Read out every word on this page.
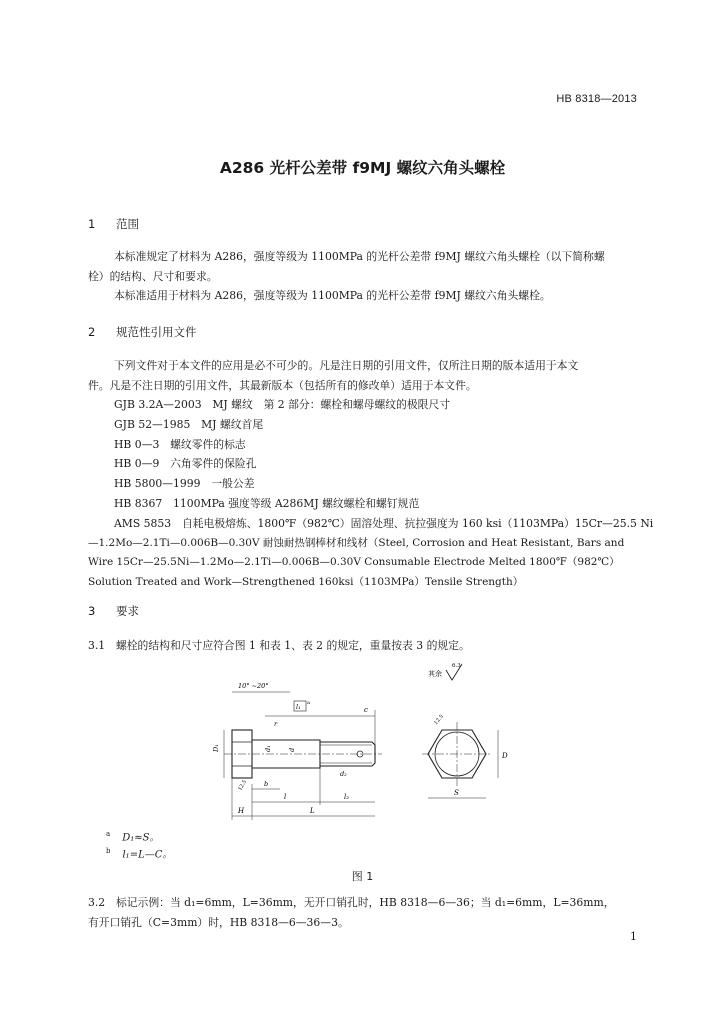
HB 8318—2013
A286 光杆公差带 f9MJ 螺纹六角头螺栓
1 范围
本标准规定了材料为 A286，强度等级为 1100MPa 的光杆公差带 f9MJ 螺纹六角头螺栓（以下简称螺
栓）的结构、尺寸和要求。
本标准适用于材料为 A286，强度等级为 1100MPa 的光杆公差带 f9MJ 螺纹六角头螺栓。
2 规范性引用文件
下列文件对于本文件的应用是必不可少的。凡是注日期的引用文件，仅所注日期的版本适用于本文
件。凡是不注日期的引用文件，其最新版本（包括所有的修改单）适用于本文件。
GJB 3.2A—2003　MJ 螺纹　第 2 部分：螺栓和螺母螺纹的极限尺寸
GJB 52—1985　MJ 螺纹首尾
HB 0—3　螺纹零件的标志
HB 0—9　六角零件的保险孔
HB 5800—1999　一般公差
HB 8367　1100MPa 强度等级 A286MJ 螺纹螺栓和螺钉规范
AMS 5853　自耗电极熔炼、1800℉（982℃）固溶处理、抗拉强度为 160 ksi（1103MPa）15Cr—25.5 Ni
—1.2Mo—2.1Ti—0.006B—0.30V 耐蚀耐热钢棒材和线材（Steel, Corrosion and Heat Resistant, Bars and
Wire 15Cr—25.5Ni—1.2Mo—2.1Ti—0.006B—0.30V Consumable Electrode Melted 1800℉（982℃）
Solution Treated and Work—Strengthened 160ksi（1103MPa）Tensile Strength）
3 要求
3.1　螺栓的结构和尺寸应符合图 1 和表 1、表 2 的规定，重量按表 3 的规定。
其余
6.3
10° ~20°
l₁ a
c
r
D₁	d₁ d
d₂
12.5 b
l	l₂
H	L
12.5
D
S
$^a$ D₁≈S。
$^b$ l₁=L—C。
图 1
3.2　标记示例：当 d₁=6mm，L=36mm，无开口销孔时，HB 8318—6—36；当 d₁=6mm，L=36mm，
有开口销孔（C=3mm）时，HB 8318—6—36—3。
1
